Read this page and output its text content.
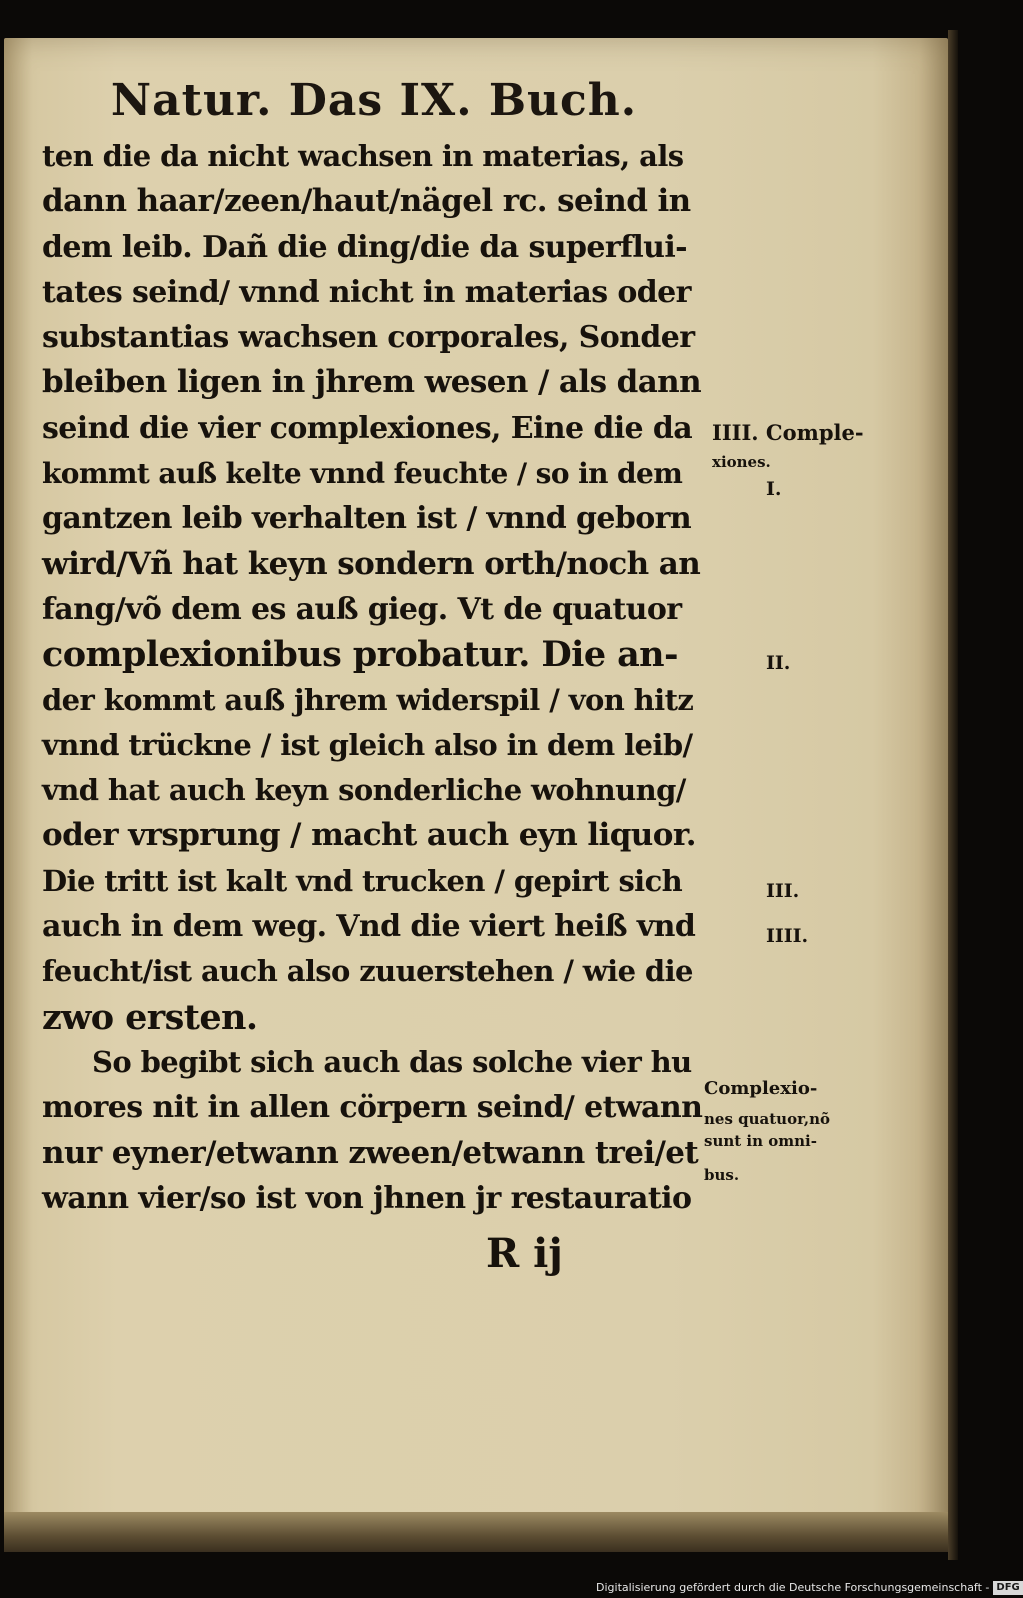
Natur. Das IX. Buch.
ten die da nicht wachsen in materias, als
dann haar/zeen/haut/nägel rc. seind in
dem leib. Dañ die ding/die da superflui-
tates seind/ vnnd nicht in materias oder
substantias wachsen corporales, Sonder
bleiben ligen in jhrem wesen / als dann
seind die vier complexiones, Eine die da
kommt auß kelte vnnd feuchte / so in dem
gantzen leib verhalten ist / vnnd geborn
wird/Vñ hat keyn sondern orth/noch an
fang/võ dem es auß gieg. Vt de quatuor
complexionibus probatur. Die an-
der kommt auß jhrem widerspil / von hitz
vnnd trückne / ist gleich also in dem leib/
vnd hat auch keyn sonderliche wohnung/
oder vrsprung / macht auch eyn liquor.
Die tritt ist kalt vnd trucken / gepirt sich
auch in dem weg. Vnd die viert heiß vnd
feucht/ist auch also zuuerstehen / wie die
zwo ersten.
So begibt sich auch das solche vier hu
mores nit in allen cörpern seind/ etwann
nur eyner/etwann zween/etwann trei/et
wann vier/so ist von jhnen jr restauratio
R ij
IIII. Comple-
xiones.
I.
II.
III.
IIII.
Complexio-
nes quatuor,nõ
sunt in omni-
bus.
Digitalisierung gefördert durch die Deutsche Forschungsgemeinschaft - DFG
